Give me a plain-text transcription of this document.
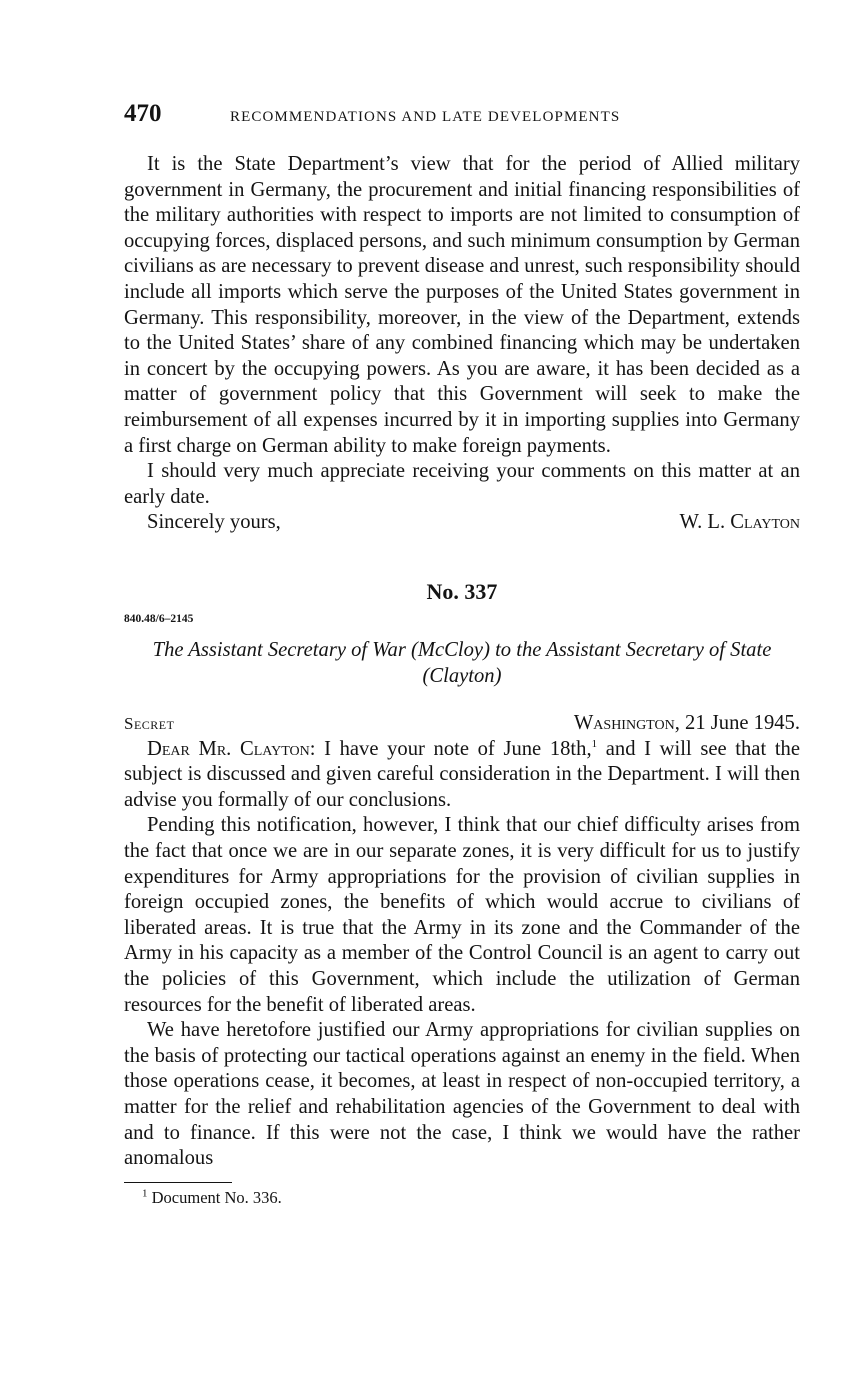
470	RECOMMENDATIONS AND LATE DEVELOPMENTS

It is the State Department’s view that for the period of Allied military government in Germany, the procurement and initial financing responsibilities of the military authorities with respect to imports are not limited to consumption of occupying forces, displaced persons, and such minimum consumption by German civilians as are necessary to prevent disease and unrest, such responsibility should include all imports which serve the purposes of the United States government in Germany. This responsibility, moreover, in the view of the Department, extends to the United States’ share of any combined financing which may be undertaken in concert by the occupying powers. As you are aware, it has been decided as a matter of government policy that this Government will seek to make the reimbursement of all expenses incurred by it in importing supplies into Germany a first charge on German ability to make foreign payments.

I should very much appreciate receiving your comments on this matter at an early date.

Sincerely yours,	W. L. Clayton
No. 337
840.48/6–2145
The Assistant Secretary of War (McCloy) to the Assistant Secretary of State (Clayton)
Secret	Washington, 21 June 1945.

Dear Mr. Clayton: I have your note of June 18th,$^1$ and I will see that the subject is discussed and given careful consideration in the Department. I will then advise you formally of our conclusions.

Pending this notification, however, I think that our chief difficulty arises from the fact that once we are in our separate zones, it is very difficult for us to justify expenditures for Army appropriations for the provision of civilian supplies in foreign occupied zones, the benefits of which would accrue to civilians of liberated areas. It is true that the Army in its zone and the Commander of the Army in his capacity as a member of the Control Council is an agent to carry out the policies of this Government, which include the utilization of German resources for the benefit of liberated areas.

We have heretofore justified our Army appropriations for civilian supplies on the basis of protecting our tactical operations against an enemy in the field. When those operations cease, it becomes, at least in respect of non-occupied territory, a matter for the relief and rehabilitation agencies of the Government to deal with and to finance. If this were not the case, I think we would have the rather anomalous

$^1$ Document No. 336.
